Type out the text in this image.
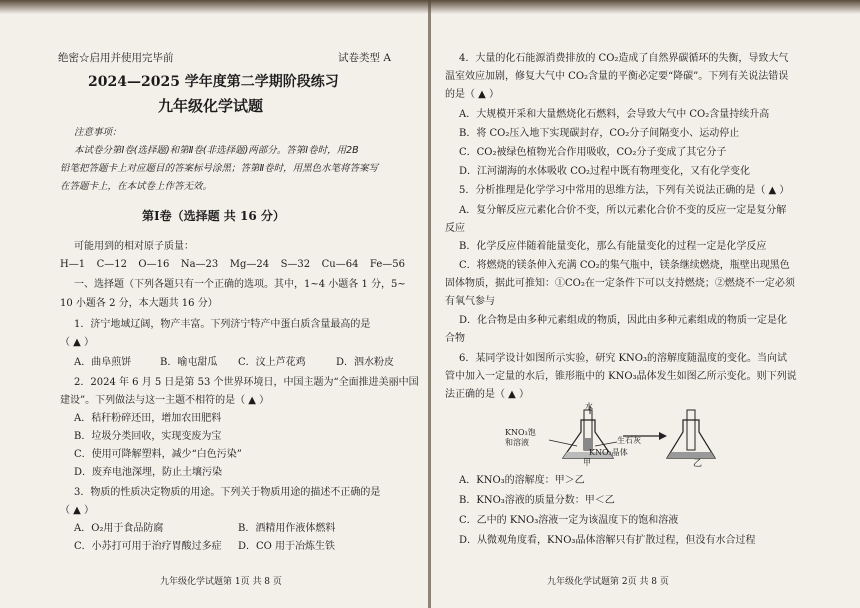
绝密☆启用并使用完毕前	试卷类型 A
2024—2025 学年度第二学期阶段练习
九年级化学试题
注意事项：
本试卷分第Ⅰ卷(选择题)和第Ⅱ卷(非选择题)两部分。答第Ⅰ卷时，用2B
铅笔把答题卡上对应题目的答案标号涂黑；答第Ⅱ卷时，用黑色水笔将答案写
在答题卡上，在本试卷上作答无效。
第Ⅰ卷（选择题 共 16 分）
可能用到的相对原子质量：
H—1 C—12 O—16 Na—23 Mg—24 S—32 Cu—64 Fe—56
一、选择题（下列各题只有一个正确的选项。其中，1~4 小题各 1 分，5~
10 小题各 2 分，本大题共 16 分）
1．济宁地域辽阔，物产丰富。下列济宁特产中蛋白质含量最高的是
（ ▲ ）
A．曲阜煎饼	B．喻屯甜瓜 C．汶上芦花鸡	D．泗水粉皮
2．2024 年 6 月 5 日是第 53 个世界环境日，中国主题为“全面推进美丽中国
建设”。下列做法与这一主题不相符的是（ ▲ ）
A．秸秆粉碎还田，增加农田肥料
B．垃圾分类回收，实现变废为宝
C．使用可降解塑料，减少“白色污染”
D．废弃电池深埋，防止土壤污染
3．物质的性质决定物质的用途。下列关于物质用途的描述不正确的是
（ ▲ ）
A．O₂用于食品防腐	B．酒精用作液体燃料
C．小苏打可用于治疗胃酸过多症 D．CO 用于冶炼生铁
九年级化学试题第 1页 共 8 页
4．大量的化石能源消费排放的 CO₂造成了自然界碳循环的失衡，导致大气
温室效应加剧，修复大气中 CO₂含量的平衡必定要“降碳”。下列有关说法错误
的是（ ▲ ）
A．大规模开采和大量燃烧化石燃料，会导致大气中 CO₂含量持续升高
B．将 CO₂压入地下实现碳封存，CO₂分子间隔变小、运动停止
C．CO₂被绿色植物光合作用吸收，CO₂分子变成了其它分子
D．江河湖海的水体吸收 CO₂过程中既有物理变化，又有化学变化
5．分析推理是化学学习中常用的思维方法，下列有关说法正确的是（ ▲ ）
A．复分解反应元素化合价不变，所以元素化合价不变的反应一定是复分解
反应
B．化学反应伴随着能量变化，那么有能量变化的过程一定是化学反应
C．将燃烧的镁条伸入充满 CO₂的集气瓶中，镁条继续燃烧，瓶壁出现黑色
固体物质，据此可推知：①CO₂在一定条件下可以支持燃烧；②燃烧不一定必须
有氧气参与
D．化合物是由多种元素组成的物质，因此由多种元素组成的物质一定是化
合物
6．某同学设计如图所示实验，研究 KNO₃的溶解度随温度的变化。当向试
管中加入一定量的水后，锥形瓶中的 KNO₃晶体发生如图乙所示变化。则下列说
法正确的是（ ▲ ）
水
KNO₃饱
和溶液	生石灰
KNO₃晶体
甲	乙
A．KNO₃的溶解度：甲＞乙
B．KNO₃溶液的质量分数：甲＜乙
C．乙中的 KNO₃溶液一定为该温度下的饱和溶液
D．从微观角度看，KNO₃晶体溶解只有扩散过程，但没有水合过程
九年级化学试题第 2页 共 8 页
